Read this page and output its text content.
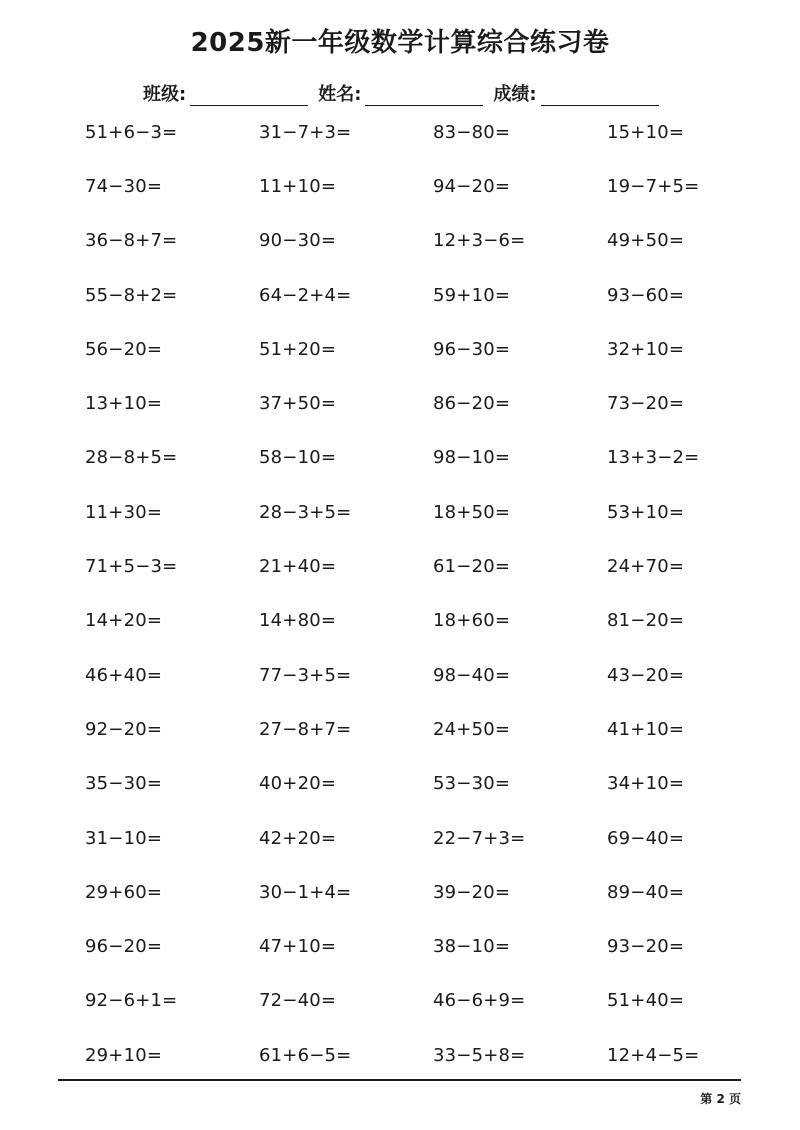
2025新一年级数学计算综合练习卷
班级:	姓名:	成绩:
51+6−3=	31−7+3=	83−80=	15+10=
74−30=	11+10=	94−20=	19−7+5=
36−8+7=	90−30=	12+3−6=	49+50=
55−8+2=	64−2+4=	59+10=	93−60=
56−20=	51+20=	96−30=	32+10=
13+10=	37+50=	86−20=	73−20=
28−8+5=	58−10=	98−10=	13+3−2=
11+30=	28−3+5=	18+50=	53+10=
71+5−3=	21+40=	61−20=	24+70=
14+20=	14+80=	18+60=	81−20=
46+40=	77−3+5=	98−40=	43−20=
92−20=	27−8+7=	24+50=	41+10=
35−30=	40+20=	53−30=	34+10=
31−10=	42+20=	22−7+3=	69−40=
29+60=	30−1+4=	39−20=	89−40=
96−20=	47+10=	38−10=	93−20=
92−6+1=	72−40=	46−6+9=	51+40=
29+10=	61+6−5=	33−5+8=	12+4−5=
第 2 页
